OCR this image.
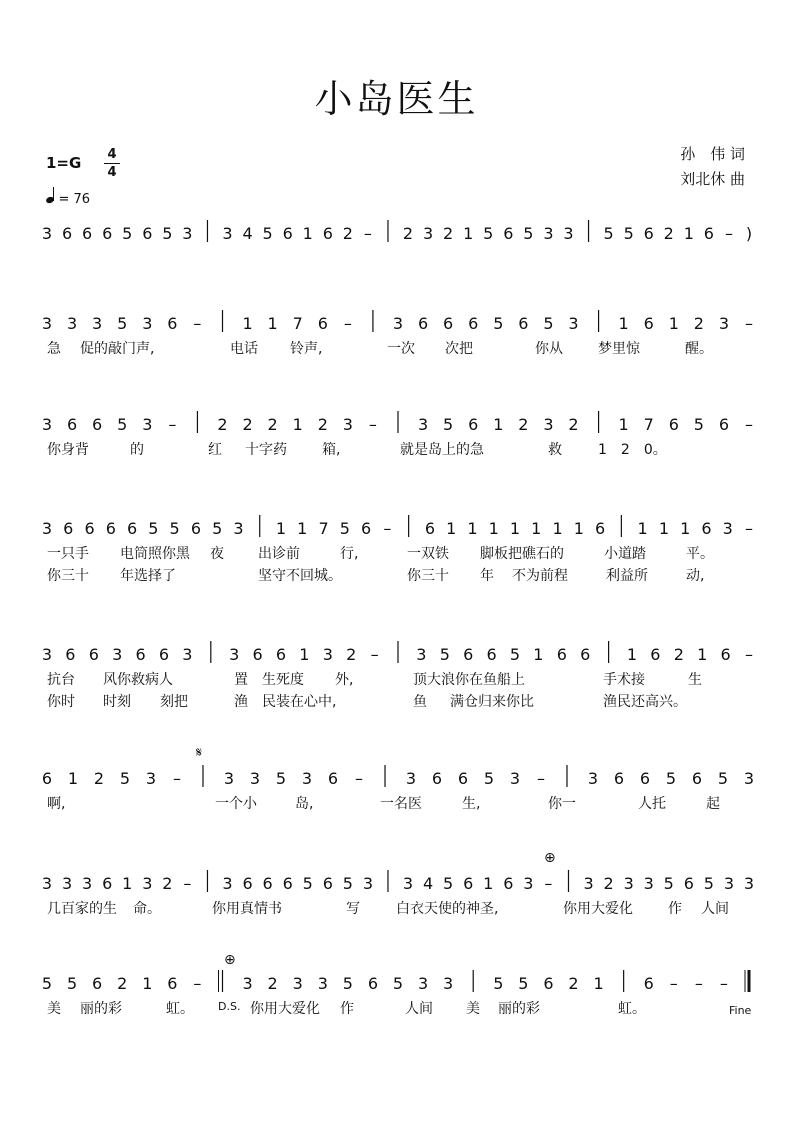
小岛医生
1=G 4
4
= 76
孙　伟 词
刘北休 曲
3 6 6 6 5 6 5 3 3 4 5 6 1 6 2 – 2 3 2 1 5 6 5 3 3 5 5 6 2 1 6 – )
3 3 3 5 3 6 –	1 1 7 6 –	3 6 6 6 5 6 5 3 1 6 1 2 3 –
急 促的敲门声,	电话 铃声,	一次 次把	你从	梦里惊	醒。
3 6 6 5 3 –	2 2 2 1 2 3 –	3 5 6 1 2 3 2 1 7 6 5 6 –
你身背	的	红 十字药	箱,	就是岛上的急	救	1　2　0。
3 6 6 6 6 5 5 6 5 3 1 1 7 5 6 – 6 1 1 1 1 1 1 1 6 1 1 1 6 3 –
一只手 电筒照你黑 夜 出诊前	行,	一双铁 脚板把礁石的	小道踏	平。
你三十 年选择了	坚守不回城。	你三十 年 不为前程	利益所	动,
3 6 6 3 6 6 3 3 6 6 1 3 2 – 3 5 6 6 5 1 6 6 1 6 2 1 6 –
抗台 风你救病人	置 生死度 外,	顶大浪你在鱼船上	手术接	生
你时 时刻 刻把	渔 民装在心中,	鱼 满仓归来你比	渔民还高兴。
6 1 2 5 3 –	3 3 5 3 6 –	3 6 6 5 3 –	3 6 6 5 6 5 3
啊,	一个小	岛,	一名医	生,	你一	人托	起
3 3 3 6 1 3 2 – 3 6 6 6 5 6 5 3 3 4 5 6 1 6 3 – 3 2 3 3 5 6 5 3 3
几百家的生 命。	你用真情书	写	白衣天使的神圣,	你用大爱化	作 人间
5 5 6 2 1 6 –	3 2 3 3 5 6 5 3 3 5 5 6 2 1 6 – – –
美 丽的彩	虹。	你用大爱化 作	人间 美 丽的彩	虹。
𝄋
⊕
⊕
D.S.	Fine
